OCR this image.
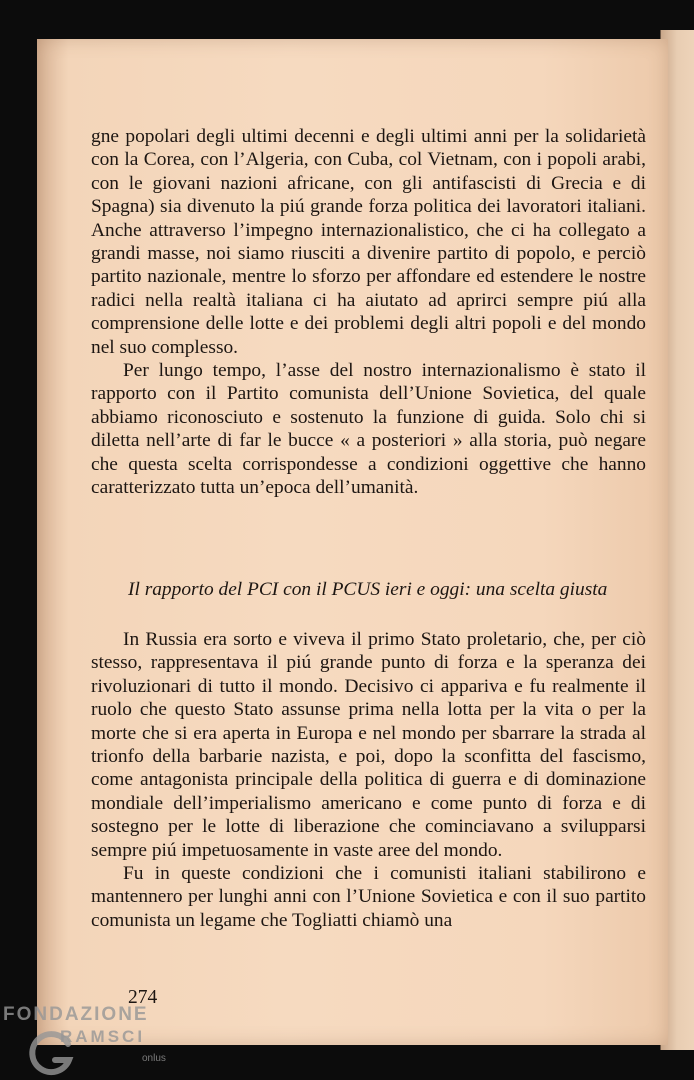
gne popolari degli ultimi decenni e degli ultimi anni per la solidarietà con la Corea, con l’Algeria, con Cuba, col Vietnam, con i popoli arabi, con le giovani nazioni africane, con gli antifascisti di Grecia e di Spagna) sia divenuto la piú grande forza politica dei lavoratori italiani. Anche attraverso l’impegno internazionalistico, che ci ha collegato a grandi masse, noi siamo riusciti a divenire partito di popolo, e perciò partito nazionale, mentre lo sforzo per affondare ed estendere le nostre radici nella realtà italiana ci ha aiutato ad aprirci sempre piú alla comprensione delle lotte e dei problemi degli altri popoli e del mondo nel suo complesso.

Per lungo tempo, l’asse del nostro internazionalismo è stato il rapporto con il Partito comunista dell’Unione Sovietica, del quale abbiamo riconosciuto e sostenuto la funzione di guida. Solo chi si diletta nell’arte di far le bucce « a posteriori » alla storia, può negare che questa scelta corrispondesse a condizioni oggettive che hanno caratterizzato tutta un’epoca dell’umanità.

Il rapporto del PCI con il PCUS ieri e oggi: una scelta giusta

In Russia era sorto e viveva il primo Stato proletario, che, per ciò stesso, rappresentava il piú grande punto di forza e la speranza dei rivoluzionari di tutto il mondo. Decisivo ci appariva e fu realmente il ruolo che questo Stato assunse prima nella lotta per la vita o per la morte che si era aperta in Europa e nel mondo per sbarrare la strada al trionfo della barbarie nazista, e poi, dopo la sconfitta del fascismo, come antagonista principale della politica di guerra e di dominazione mondiale dell’imperialismo americano e come punto di forza e di sostegno per le lotte di liberazione che cominciavano a svilupparsi sempre piú impetuosamente in vaste aree del mondo.

Fu in queste condizioni che i comunisti italiani stabilirono e mantennero per lunghi anni con l’Unione Sovietica e con il suo partito comunista un legame che Togliatti chiamò una

274
FONDAZIONE
RAMSCI
onlus
